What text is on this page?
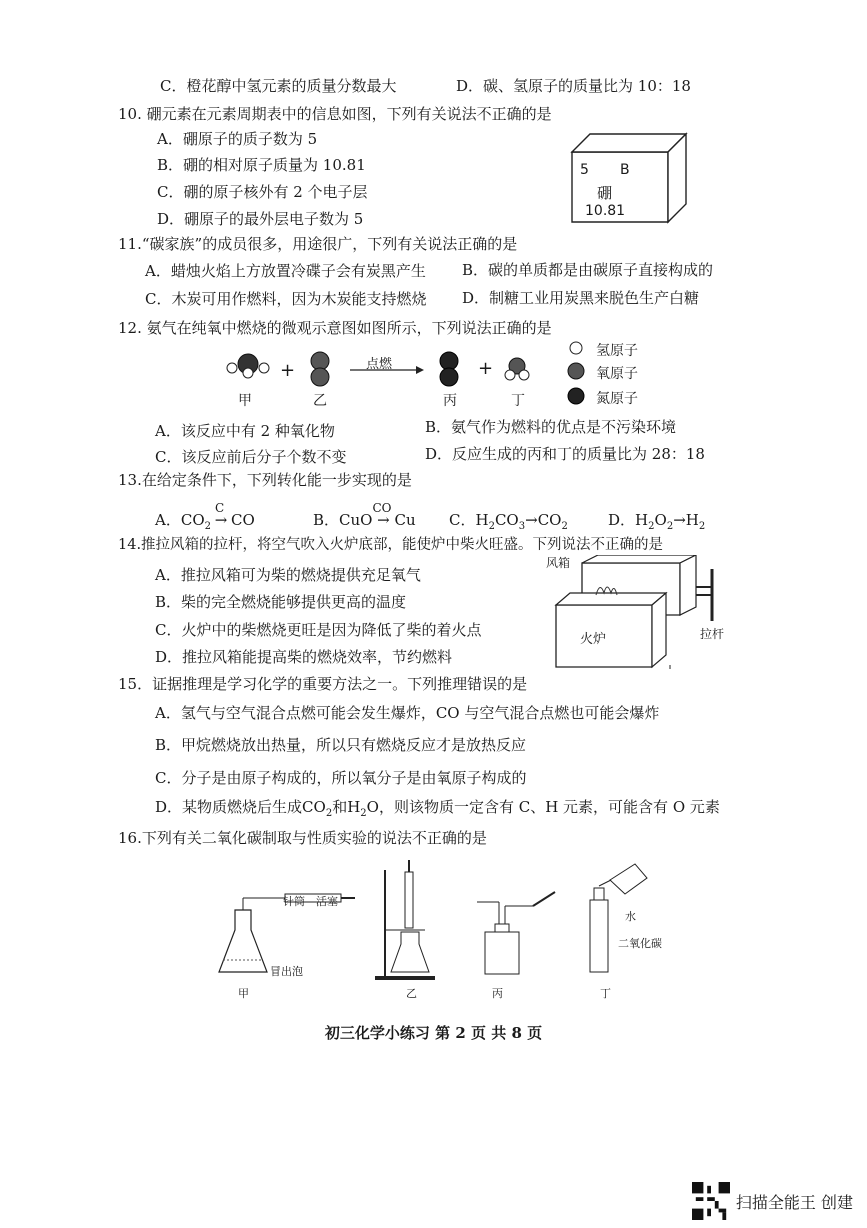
C．橙花醇中氢元素的质量分数最大	D．碳、氢原子的质量比为 10：18
10. 硼元素在元素周期表中的信息如图，下列有关说法不正确的是
A．硼原子的质子数为 5
B．硼的相对原子质量为 10.81
C．硼的原子核外有 2 个电子层
D．硼原子的最外层电子数为 5
5 B
硼
10.81
11.“碳家族”的成员很多，用途很广，下列有关说法正确的是
A．蜡烛火焰上方放置冷碟子会有炭黑产生 B．碳的单质都是由碳原子直接构成的
C．木炭可用作燃料，因为木炭能支持燃烧 D．制糖工业用炭黑来脱色生产白糖
12. 氨气在纯氧中燃烧的微观示意图如图所示，下列说法正确的是
+	+
点燃
甲	乙	丙	丁
氢原子
氧原子
氮原子
A．该反应中有 2 种氧化物	B．氨气作为燃料的优点是不污染环境
C．该反应前后分子个数不变	D．反应生成的丙和丁的质量比为 28：18
13.在给定条件下，下列转化能一步实现的是
A．$CO_2$ →
C
CO	B．CuO →
CO
Cu C．$H_2CO_3\to CO_2$	D．$H_2O_2\to H_2$
14.推拉风箱的拉杆，将空气吹入火炉底部，能使炉中柴火旺盛。下列说法不正确的是
A．推拉风箱可为柴的燃烧提供充足氧气
B．柴的完全燃烧能够提供更高的温度
C．火炉中的柴燃烧更旺是因为降低了柴的着火点
D．推拉风箱能提高柴的燃烧效率，节约燃料
风箱
火炉	拉杆
15．证据推理是学习化学的重要方法之一。下列推理错误的是
A．氢气与空气混合点燃可能会发生爆炸，CO 与空气混合点燃也可能会爆炸
B．甲烷燃烧放出热量，所以只有燃烧反应才是放热反应
C．分子是由原子构成的，所以氧分子是由氧原子构成的
D．某物质燃烧后生成$CO_2$和$H_2O$，则该物质一定含有 C、H 元素，可能含有 O 元素
16.下列有关二氧化碳制取与性质实验的说法不正确的是
针筒 活塞
冒出泡
水
二氧化碳
甲	乙	丙	丁
初三化学小练习 第 2 页 共 8 页
扫描全能王 创建
